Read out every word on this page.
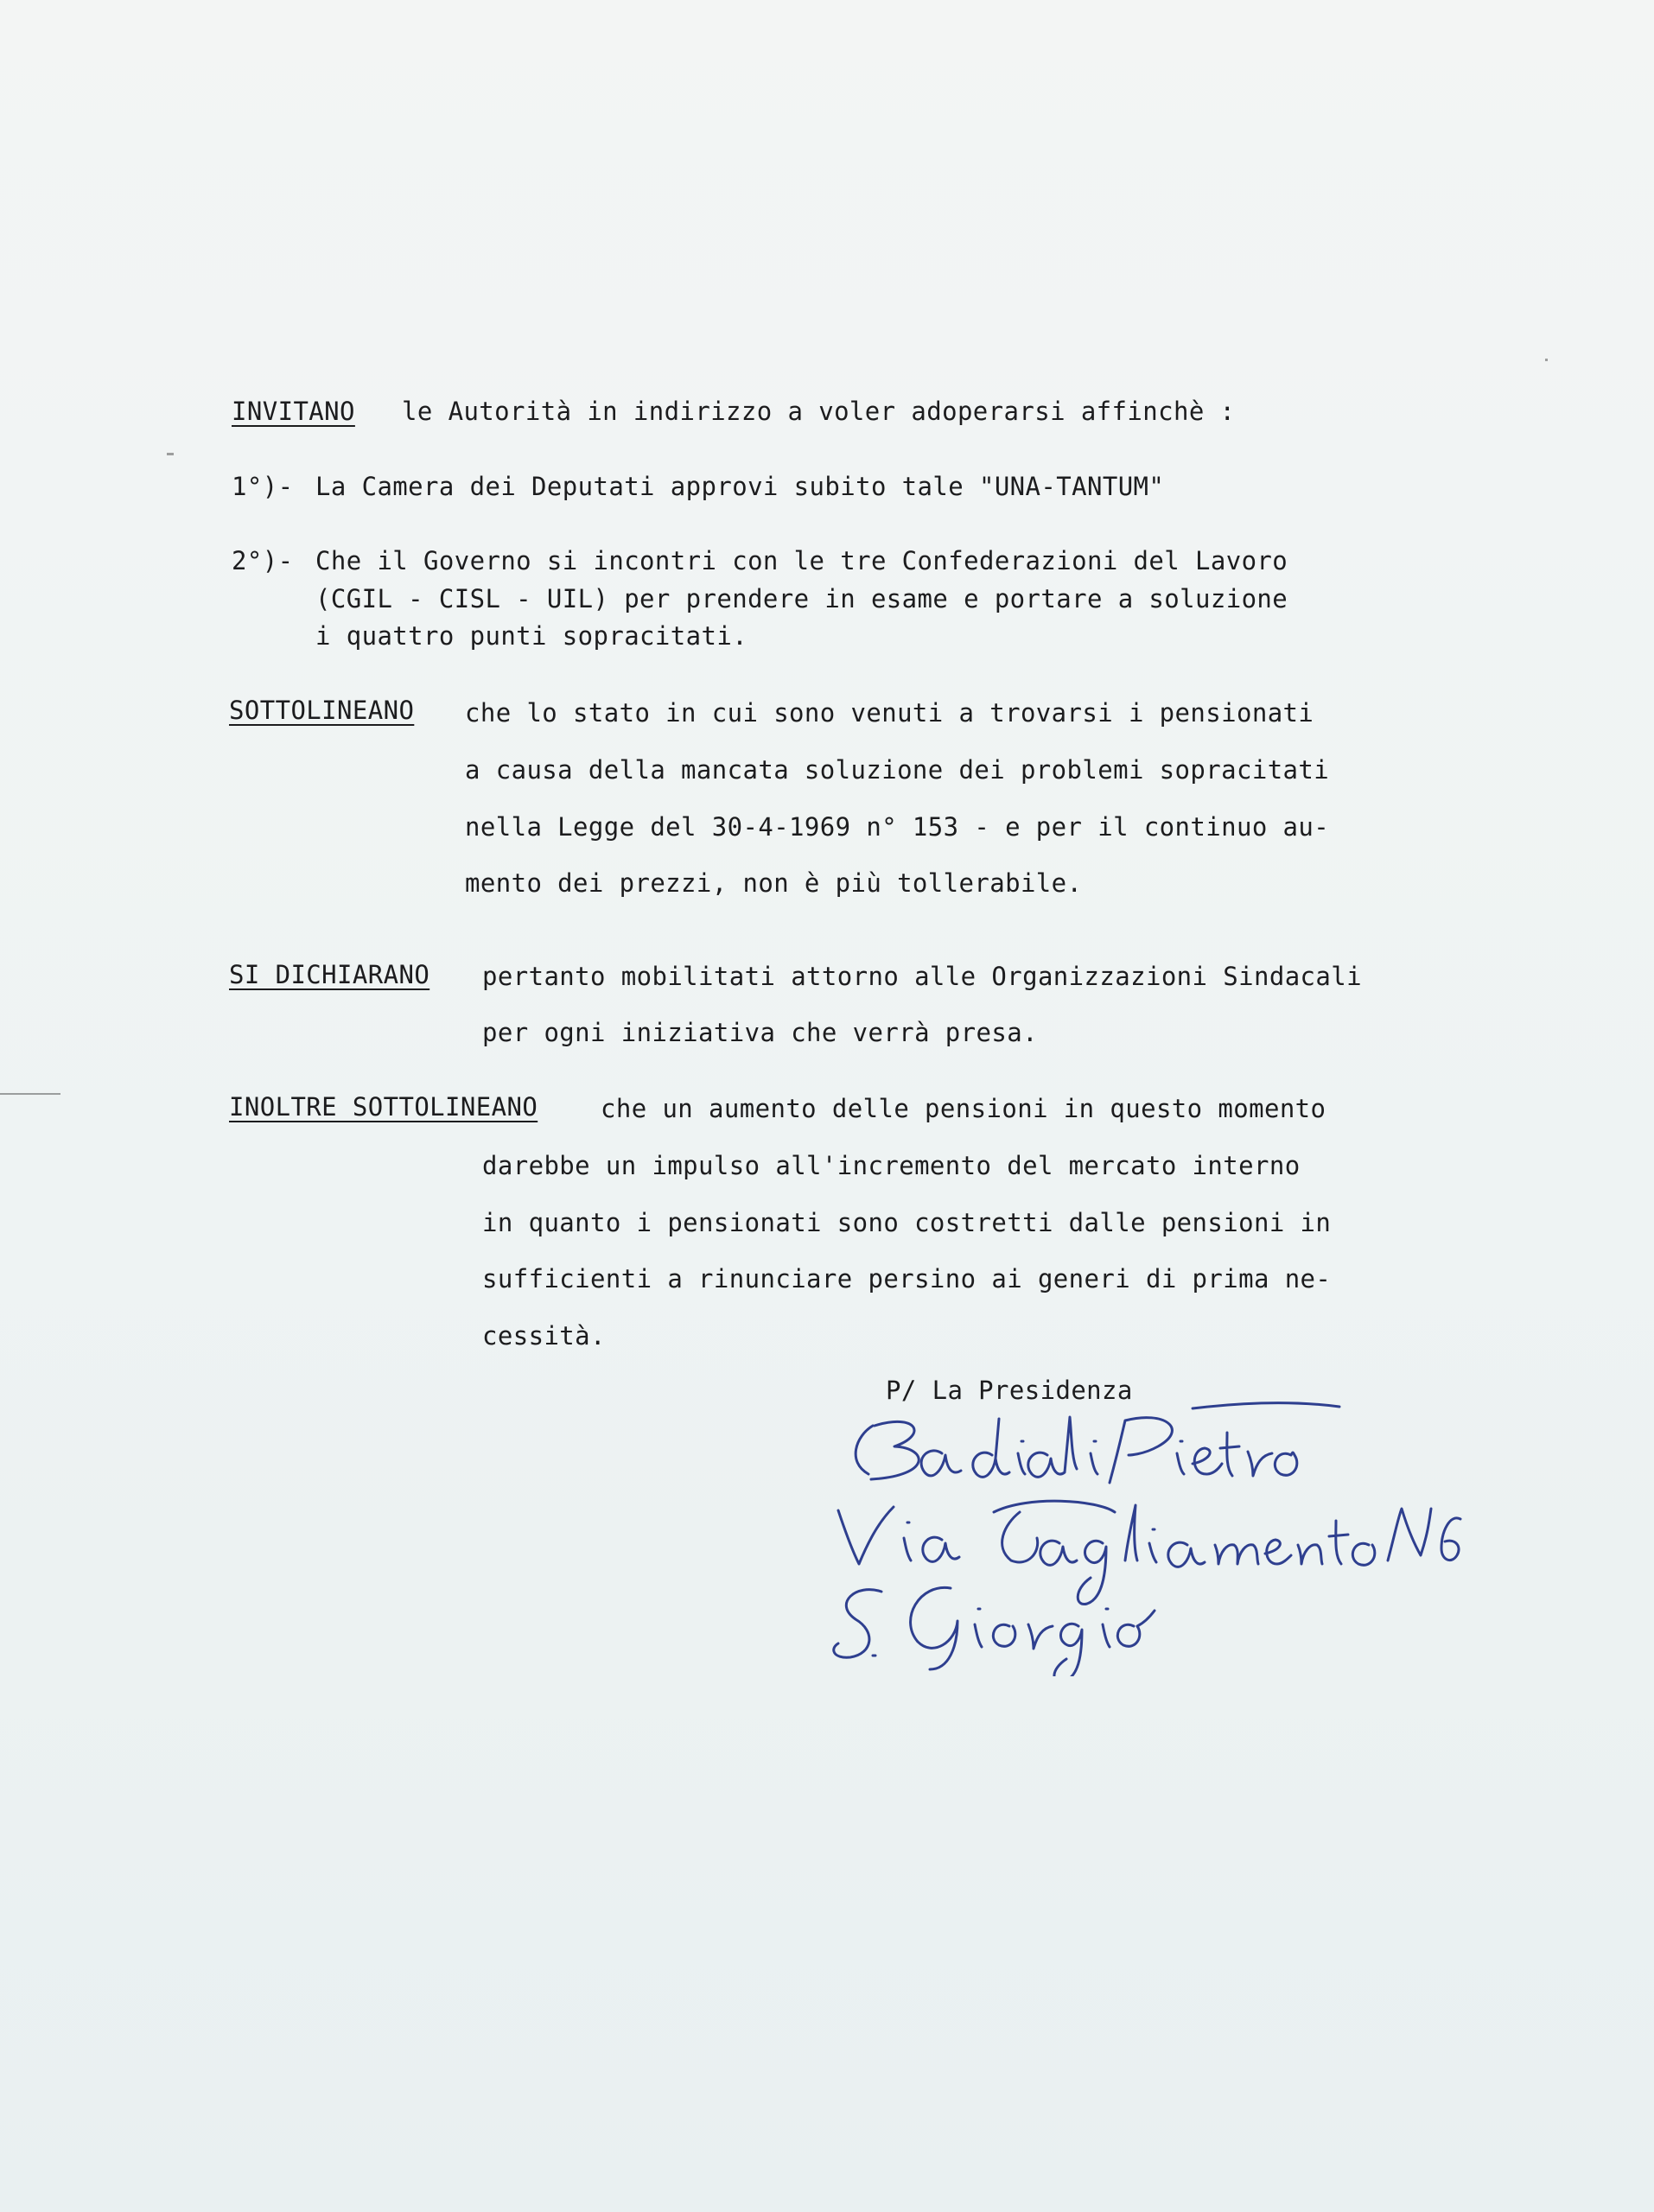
INVITANO le Autorità in indirizzo a voler adoperarsi affinchè :
1°)- La Camera dei Deputati approvi subito tale "UNA-TANTUM"
2°)- Che il Governo si incontri con le tre Confederazioni del Lavoro
(CGIL - CISL - UIL) per prendere in esame e portare a soluzione
i quattro punti sopracitati.
SOTTOLINEANO che lo stato in cui sono venuti a trovarsi i pensionati
a causa della mancata soluzione dei problemi sopracitati
nella Legge del 30-4-1969 n° 153 - e per il continuo au-
mento dei prezzi, non è più tollerabile.
SI DICHIARANO pertanto mobilitati attorno alle Organizzazioni Sindacali
per ogni iniziativa che verrà presa.
INOLTRE SOTTOLINEANO	che un aumento delle pensioni in questo momento
darebbe un impulso all'incremento del mercato interno
in quanto i pensionati sono costretti dalle pensioni in
sufficienti a rinunciare persino ai generi di prima ne-
cessità.
P/ La Presidenza
